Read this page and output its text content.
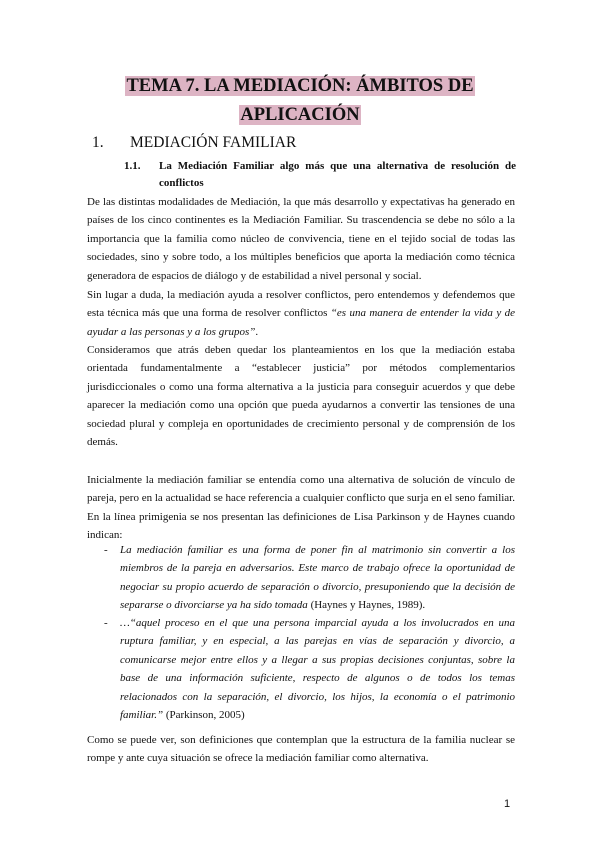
TEMA 7. LA MEDIACIÓN: ÁMBITOS DE
APLICACIÓN
1. MEDIACIÓN FAMILIAR
1.1.	La Mediación Familiar algo más que una alternativa de resolución de conflictos
De las distintas modalidades de Mediación, la que más desarrollo y expectativas ha generado en países de los cinco continentes es la Mediación Familiar. Su trascendencia se debe no sólo a la importancia que la familia como núcleo de convivencia, tiene en el tejido social de todas las sociedades, sino y sobre todo, a los múltiples beneficios que aporta la mediación como técnica generadora de espacios de diálogo y de estabilidad a nivel personal y social.
Sin lugar a duda, la mediación ayuda a resolver conflictos, pero entendemos y defendemos que esta técnica más que una forma de resolver conflictos “es una manera de entender la vida y de ayudar a las personas y a los grupos”.
Consideramos que atrás deben quedar los planteamientos en los que la mediación estaba orientada fundamentalmente a “establecer justicia” por métodos complementarios jurisdiccionales o como una forma alternativa a la justicia para conseguir acuerdos y que debe aparecer la mediación como una opción que pueda ayudarnos a convertir las tensiones de una sociedad plural y compleja en oportunidades de crecimiento personal y de comprensión de los demás.
Inicialmente la mediación familiar se entendía como una alternativa de solución de vínculo de pareja, pero en la actualidad se hace referencia a cualquier conflicto que surja en el seno familiar. En la línea primigenia se nos presentan las definiciones de Lisa Parkinson y de Haynes cuando indican:
-	La mediación familiar es una forma de poner fin al matrimonio sin convertir a los miembros de la pareja en adversarios. Este marco de trabajo ofrece la oportunidad de negociar su propio acuerdo de separación o divorcio, presuponiendo que la decisión de separarse o divorciarse ya ha sido tomada (Haynes y Haynes, 1989).
-	…“aquel proceso en el que una persona imparcial ayuda a los involucrados en una ruptura familiar, y en especial, a las parejas en vías de separación y divorcio, a comunicarse mejor entre ellos y a llegar a sus propias decisiones conjuntas, sobre la base de una información suficiente, respecto de algunos o de todos los temas relacionados con la separación, el divorcio, los hijos, la economía o el patrimonio familiar.” (Parkinson, 2005)
Como se puede ver, son definiciones que contemplan que la estructura de la familia nuclear se rompe y ante cuya situación se ofrece la mediación familiar como alternativa.
1
